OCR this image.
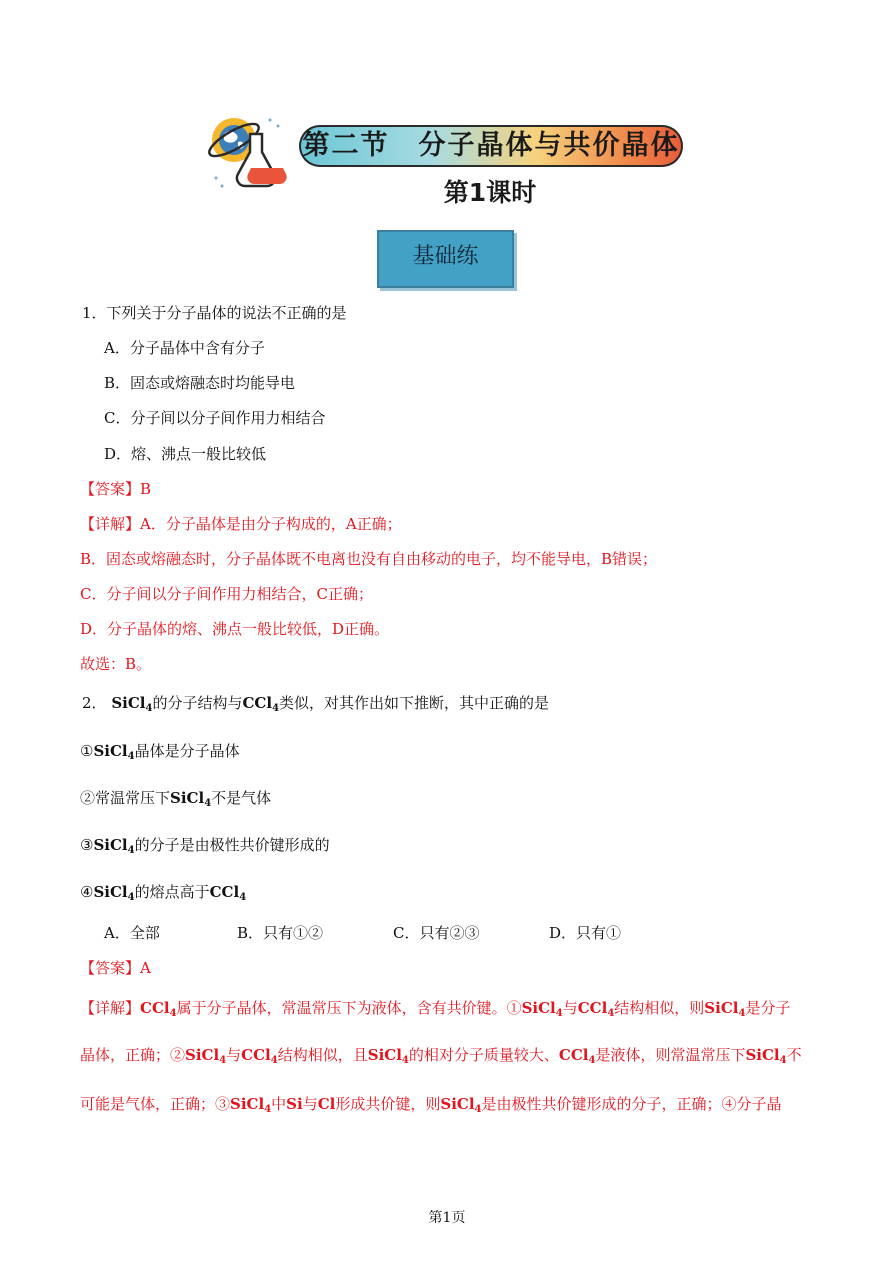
第二节　分子晶体与共价晶体
第1课时
基础练
1．下列关于分子晶体的说法不正确的是
A．分子晶体中含有分子
B．固态或熔融态时均能导电
C．分子间以分子间作用力相结合
D．熔、沸点一般比较低
【答案】B
【详解】A．分子晶体是由分子构成的，A正确；
B．固态或熔融态时，分子晶体既不电离也没有自由移动的电子，均不能导电，B错误；
C．分子间以分子间作用力相结合，C正确；
D．分子晶体的熔、沸点一般比较低，D正确。
故选：B。
2． SiCl$_4$的分子结构与CCl$_4$类似，对其作出如下推断，其中正确的是
①SiCl$_4$晶体是分子晶体
②常温常压下SiCl$_4$不是气体
③SiCl$_4$的分子是由极性共价键形成的
④SiCl$_4$的熔点高于CCl$_4$
A．全部	B．只有①②	C．只有②③	D．只有①
【答案】A
【详解】CCl$_4$属于分子晶体，常温常压下为液体，含有共价键。①SiCl$_4$与CCl$_4$结构相似，则SiCl$_4$是分子
晶体，正确；②SiCl$_4$与CCl$_4$结构相似，且SiCl$_4$的相对分子质量较大、CCl$_4$是液体，则常温常压下SiCl$_4$不
可能是气体，正确；③SiCl$_4$中Si与Cl形成共价键，则SiCl$_4$是由极性共价键形成的分子，正确；④分子晶
第1页
